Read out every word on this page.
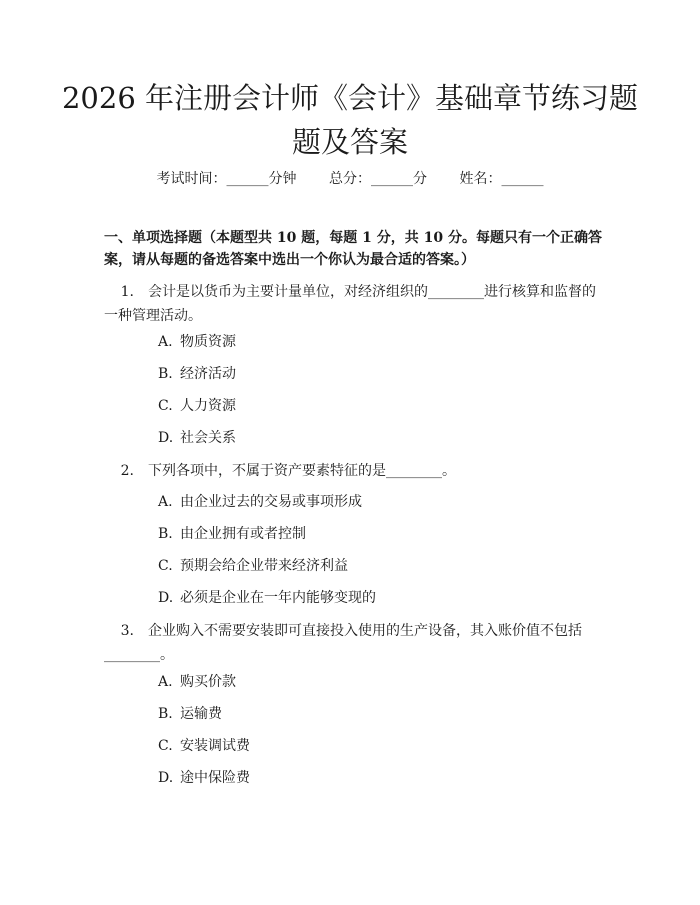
2026 年注册会计师《会计》基础章节练习题
题及答案
考试时间：______分钟 总分：______分 姓名：______
一、单项选择题（本题型共 10 题，每题 1 分，共 10 分。每题只有一个正确答案，请从每题的备选答案中选出一个你认为最合适的答案。）
1. 会计是以货币为主要计量单位，对经济组织的________进行核算和监督的一种管理活动。
A. 物质资源
B. 经济活动
C. 人力资源
D. 社会关系
2. 下列各项中，不属于资产要素特征的是________。
A. 由企业过去的交易或事项形成
B. 由企业拥有或者控制
C. 预期会给企业带来经济利益
D. 必须是企业在一年内能够变现的
3. 企业购入不需要安装即可直接投入使用的生产设备，其入账价值不包括________。
A. 购买价款
B. 运输费
C. 安装调试费
D. 途中保险费
